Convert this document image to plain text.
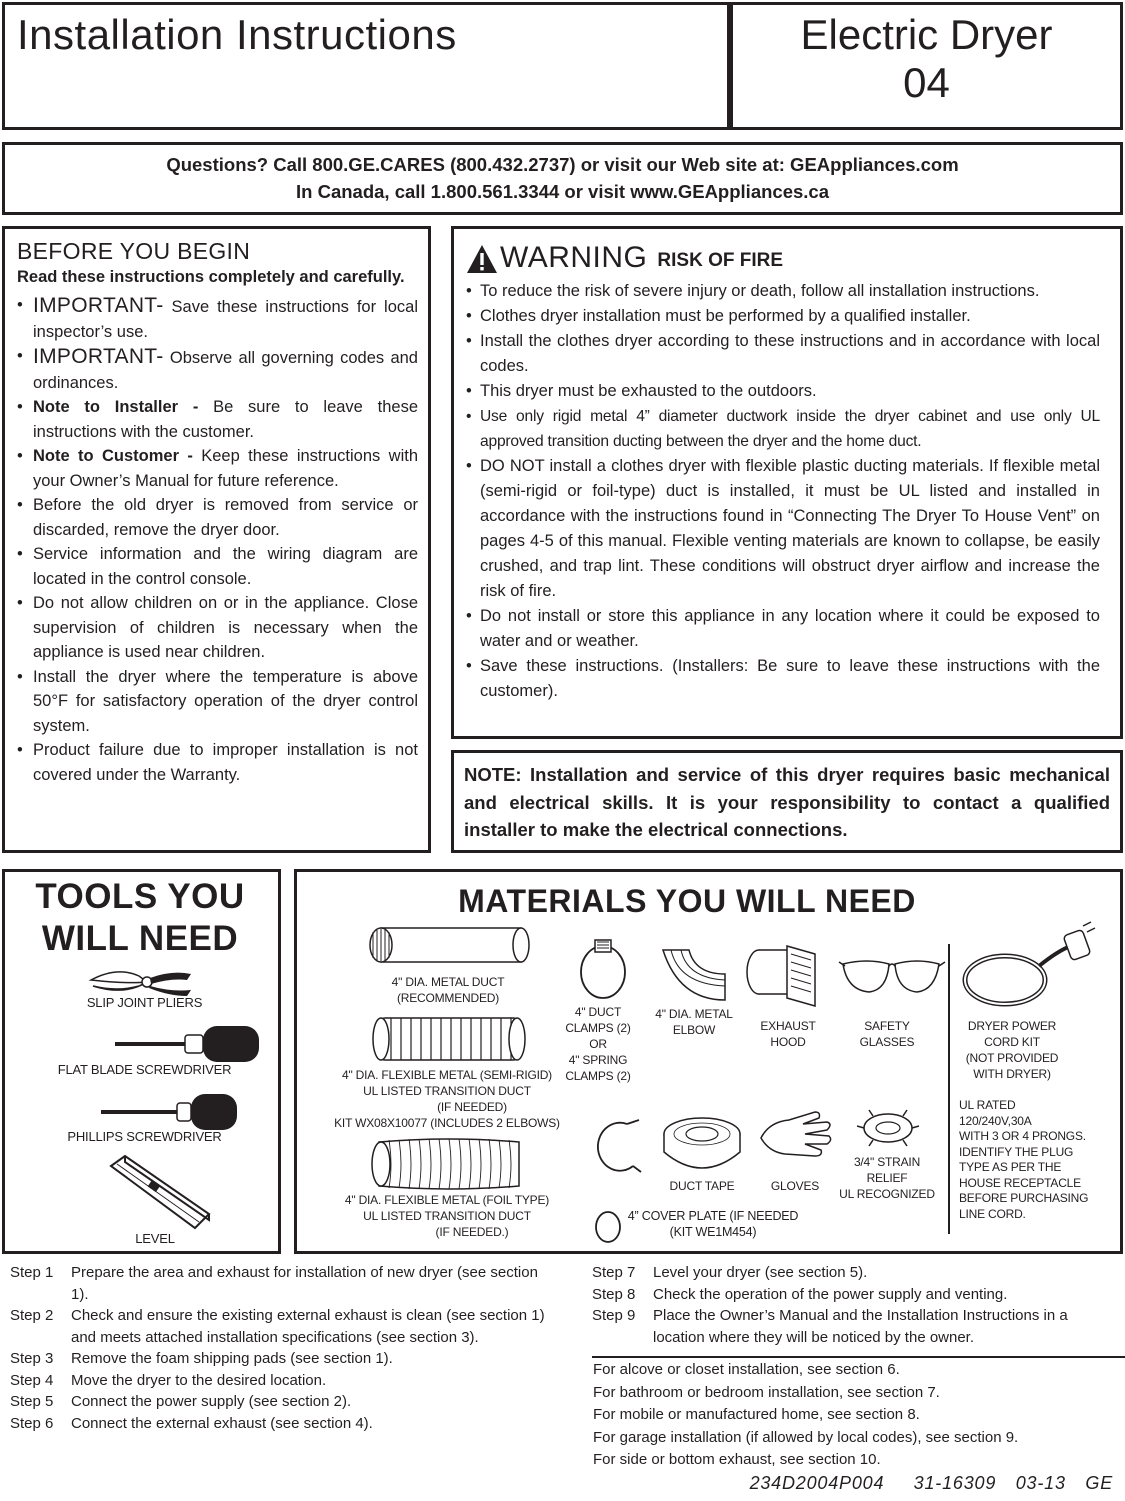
Installation Instructions	Electric Dryer 04
Questions? Call 800.GE.CARES (800.432.2737) or visit our Web site at: GEAppliances.com
In Canada, call 1.800.561.3344 or visit www.GEAppliances.ca
BEFORE YOU BEGIN
Read these instructions completely and carefully.
• IMPORTANT- Save these instructions for local inspector’s use.
• IMPORTANT- Observe all governing codes and ordinances.
• Note to Installer - Be sure to leave these instructions with the customer.
• Note to Customer - Keep these instructions with your Owner’s Manual for future reference.
• Before the old dryer is removed from service or discarded, remove the dryer door.
• Service information and the wiring diagram are located in the control console.
• Do not allow children on or in the appliance. Close supervision of children is necessary when the appliance is used near children.
• Install the dryer where the temperature is above 50°F for satisfactory operation of the dryer control system.
• Product failure due to improper installation is not covered under the Warranty.
WARNING RISK OF FIRE
• To reduce the risk of severe injury or death, follow all installation instructions.
• Clothes dryer installation must be performed by a qualified installer.
• Install the clothes dryer according to these instructions and in accordance with local codes.
• This dryer must be exhausted to the outdoors.
• Use only rigid metal 4” diameter ductwork inside the dryer cabinet and use only UL approved transition ducting between the dryer and the home duct.
• DO NOT install a clothes dryer with flexible plastic ducting materials. If flexible metal (semi-rigid or foil-type) duct is installed, it must be UL listed and installed in accordance with the instructions found in “Connecting The Dryer To House Vent” on pages 4-5 of this manual. Flexible venting materials are known to collapse, be easily crushed, and trap lint. These conditions will obstruct dryer airflow and increase the risk of fire.
• Do not install or store this appliance in any location where it could be exposed to water and or weather.
• Save these instructions. (Installers: Be sure to leave these instructions with the customer).
NOTE: Installation and service of this dryer requires basic mechanical and electrical skills. It is your responsibility to contact a qualified installer to make the electrical connections.
TOOLS YOU
WILL NEED
SLIP JOINT PLIERS
FLAT BLADE SCREWDRIVER
PHILLIPS SCREWDRIVER
LEVEL
MATERIALS YOU WILL NEED
4" DIA. METAL DUCT
(RECOMMENDED)
4" DIA. FLEXIBLE METAL (SEMI-RIGID)
UL LISTED TRANSITION DUCT
(IF NEEDED)
KIT WX08X10077 (INCLUDES 2 ELBOWS)
4" DIA. FLEXIBLE METAL (FOIL TYPE)
UL LISTED TRANSITION DUCT
(IF NEEDED.)
4" DUCT
CLAMPS (2)
OR
4" SPRING
CLAMPS (2)
4" DIA. METAL
ELBOW	EXHAUST
HOOD
SAFETY
GLASSES
DRYER POWER
CORD KIT
(NOT PROVIDED
WITH DRYER)
UL RATED
120/240V,30A
WITH 3 OR 4 PRONGS.
IDENTIFY THE PLUG
TYPE AS PER THE
HOUSE RECEPTACLE
BEFORE PURCHASING
LINE CORD.
DUCT TAPE	GLOVES
3/4" STRAIN
RELIEF
UL RECOGNIZED
4” COVER PLATE (IF NEEDED
(KIT WE1M454)
Step 1	Prepare the area and exhaust for installation of new dryer (see section 1).
Step 2	Check and ensure the existing external exhaust is clean (see section 1) and meets attached installation specifications (see section 3).
Step 3	Remove the foam shipping pads (see section 1).
Step 4	Move the dryer to the desired location.
Step 5	Connect the power supply (see section 2).
Step 6	Connect the external exhaust (see section 4).
Step 7	Level your dryer (see section 5).
Step 8	Check the operation of the power supply and venting.
Step 9	Place the Owner’s Manual and the Installation Instructions in a location where they will be noticed by the owner.
For alcove or closet installation, see section 6.
For bathroom or bedroom installation, see section 7.
For mobile or manufactured home, see section 8.
For garage installation (if allowed by local codes), see section 9.
For side or bottom exhaust, see section 10.
234D2004P004   31-16309  03-13  GE
